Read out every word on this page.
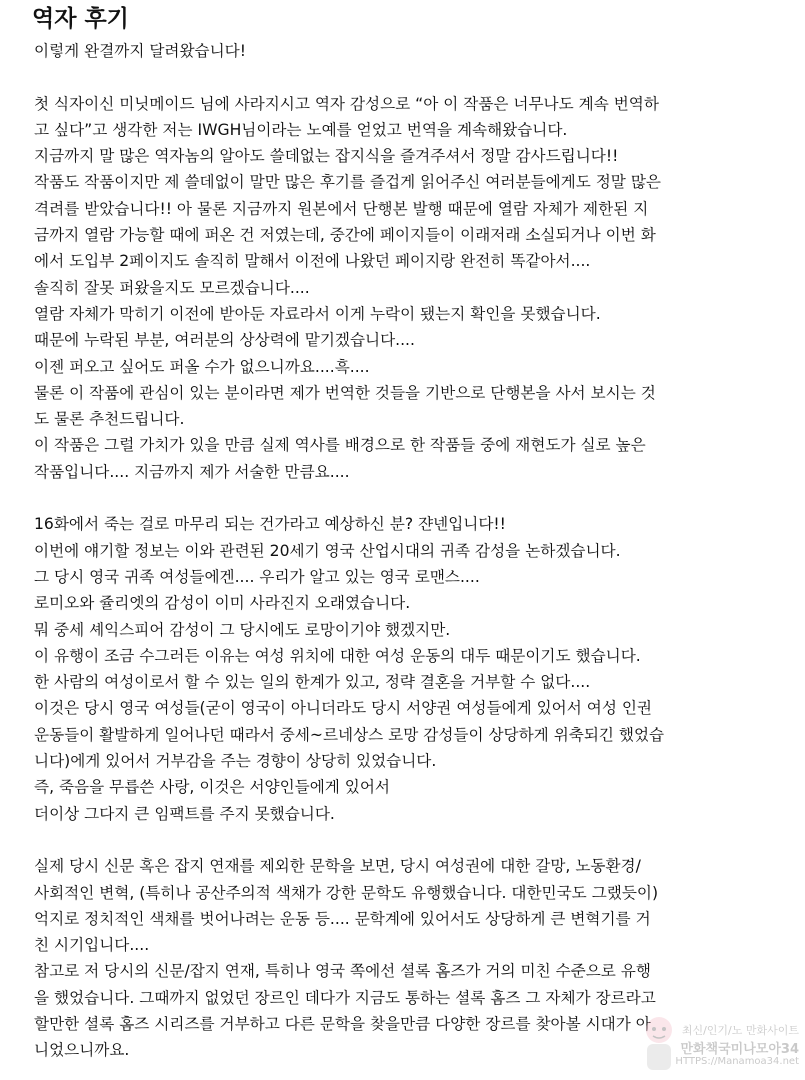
역자 후기
이렇게 완결까지 달려왔습니다!
첫 식자이신 미닛메이드 님에 사라지시고 역자 감성으로 “아 이 작품은 너무나도 계속 번역하
고 싶다”고 생각한 저는 IWGH님이라는 노예를 얻었고 번역을 계속해왔습니다.
지금까지 말 많은 역자놈의 알아도 쓸데없는 잡지식을 즐겨주셔서 정말 감사드립니다!!
작품도 작품이지만 제 쓸데없이 말만 많은 후기를 즐겁게 읽어주신 여러분들에게도 정말 많은
격려를 받았습니다!! 아 물론 지금까지 원본에서 단행본 발행 때문에 열람 자체가 제한된 지
금까지 열람 가능할 때에 퍼온 건 저였는데, 중간에 페이지들이 이래저래 소실되거나 이번 화
에서 도입부 2페이지도 솔직히 말해서 이전에 나왔던 페이지랑 완전히 똑같아서....
솔직히 잘못 퍼왔을지도 모르겠습니다....
열람 자체가 막히기 이전에 받아둔 자료라서 이게 누락이 됐는지 확인을 못했습니다.
때문에 누락된 부분, 여러분의 상상력에 맡기겠습니다....
이젠 퍼오고 싶어도 퍼올 수가 없으니까요....흑....
물론 이 작품에 관심이 있는 분이라면 제가 번역한 것들을 기반으로 단행본을 사서 보시는 것
도 물론 추천드립니다.
이 작품은 그럴 가치가 있을 만큼 실제 역사를 배경으로 한 작품들 중에 재현도가 실로 높은
작품입니다.... 지금까지 제가 서술한 만큼요....
16화에서 죽는 걸로 마무리 되는 건가라고 예상하신 분? 쟌넨입니다!!
이번에 얘기할 정보는 이와 관련된 20세기 영국 산업시대의 귀족 감성을 논하겠습니다.
그 당시 영국 귀족 여성들에겐.... 우리가 알고 있는 영국 로맨스....
로미오와 쥴리엣의 감성이 이미 사라진지 오래였습니다.
뭐 중세 셰익스피어 감성이 그 당시에도 로망이기야 했겠지만.
이 유행이 조금 수그러든 이유는 여성 위치에 대한 여성 운동의 대두 때문이기도 했습니다.
한 사람의 여성이로서 할 수 있는 일의 한계가 있고, 정략 결혼을 거부할 수 없다....
이것은 당시 영국 여성들(굳이 영국이 아니더라도 당시 서양권 여성들에게 있어서 여성 인권
운동들이 활발하게 일어나던 때라서 중세~르네상스 로망 감성들이 상당하게 위축되긴 했었습
니다)에게 있어서 거부감을 주는 경향이 상당히 있었습니다.
즉, 죽음을 무릅쓴 사랑, 이것은 서양인들에게 있어서
더이상 그다지 큰 임팩트를 주지 못했습니다.
실제 당시 신문 혹은 잡지 연재를 제외한 문학을 보면, 당시 여성권에 대한 갈망, 노동환경/
사회적인 변혁, (특히나 공산주의적 색채가 강한 문학도 유행했습니다. 대한민국도 그랬듯이)
억지로 정치적인 색채를 벗어나려는 운동 등.... 문학계에 있어서도 상당하게 큰 변혁기를 거
친 시기입니다....
참고로 저 당시의 신문/잡지 연재, 특히나 영국 쪽에선 셜록 홈즈가 거의 미친 수준으로 유행
을 했었습니다. 그때까지 없었던 장르인 데다가 지금도 통하는 셜록 홈즈 그 자체가 장르라고
할만한 셜록 홈즈 시리즈를 거부하고 다른 문학을 찾을만큼 다양한 장르를 찾아볼 시대가 아
니었으니까요.
최신/인기/노 만화사이트
만화책국미나모아34
HTTPS://Manamoa34.net
